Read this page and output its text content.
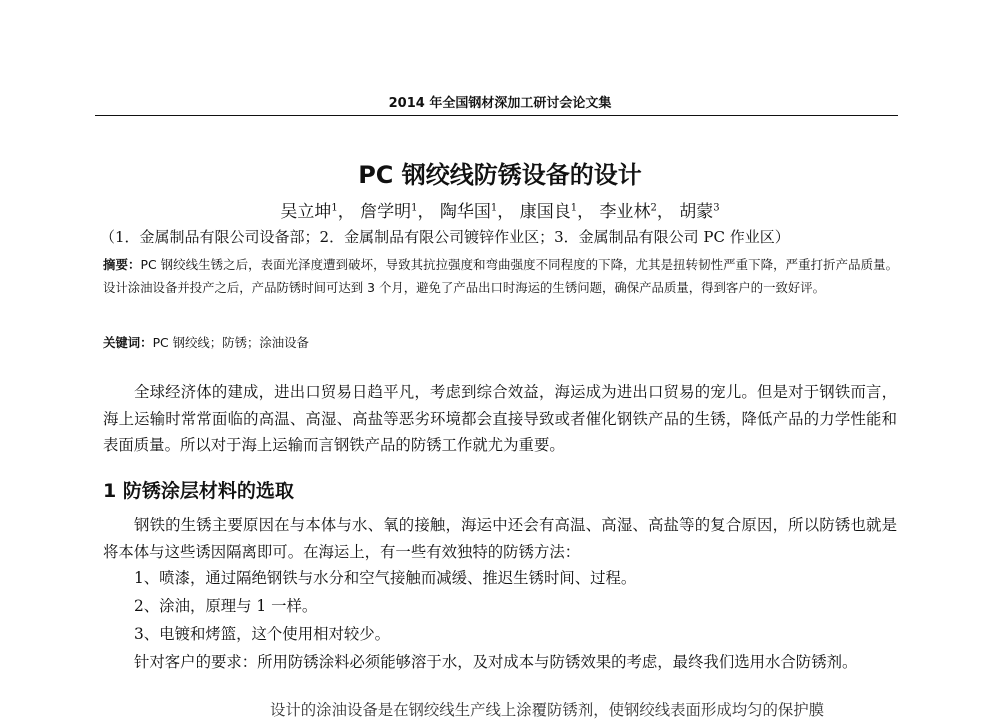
2014 年全国钢材深加工研讨会论文集
PC 钢绞线防锈设备的设计
吴立坤$^1$， 詹学明$^1$， 陶华国$^1$， 康国良$^1$， 李业林$^2$， 胡蒙$^3$
（1．金属制品有限公司设备部；2．金属制品有限公司镀锌作业区；3．金属制品有限公司 PC 作业区）
摘要：PC 钢绞线生锈之后，表面光泽度遭到破坏，导致其抗拉强度和弯曲强度不同程度的下降，尤其是扭转韧性严重下降，严重打折产品质量。设计涂油设备并投产之后，产品防锈时间可达到 3 个月，避免了产品出口时海运的生锈问题，确保产品质量，得到客户的一致好评。
关键词：PC 钢绞线；防锈；涂油设备
全球经济体的建成，进出口贸易日趋平凡，考虑到综合效益，海运成为进出口贸易的宠儿。但是对于钢铁而言，海上运输时常常面临的高温、高湿、高盐等恶劣环境都会直接导致或者催化钢铁产品的生锈，降低产品的力学性能和表面质量。所以对于海上运输而言钢铁产品的防锈工作就尤为重要。
1 防锈涂层材料的选取
钢铁的生锈主要原因在与本体与水、氧的接触，海运中还会有高温、高湿、高盐等的复合原因，所以防锈也就是将本体与这些诱因隔离即可。在海运上，有一些有效独特的防锈方法：
1、喷漆，通过隔绝钢铁与水分和空气接触而减缓、推迟生锈时间、过程。
2、涂油，原理与 1 一样。
3、电镀和烤篮，这个使用相对较少。
针对客户的要求：所用防锈涂料必须能够溶于水，及对成本与防锈效果的考虑，最终我们选用水合防锈剂。
设计的涂油设备是在钢绞线生产线上涂覆防锈剂，使钢绞线表面形成均匀的保护膜
